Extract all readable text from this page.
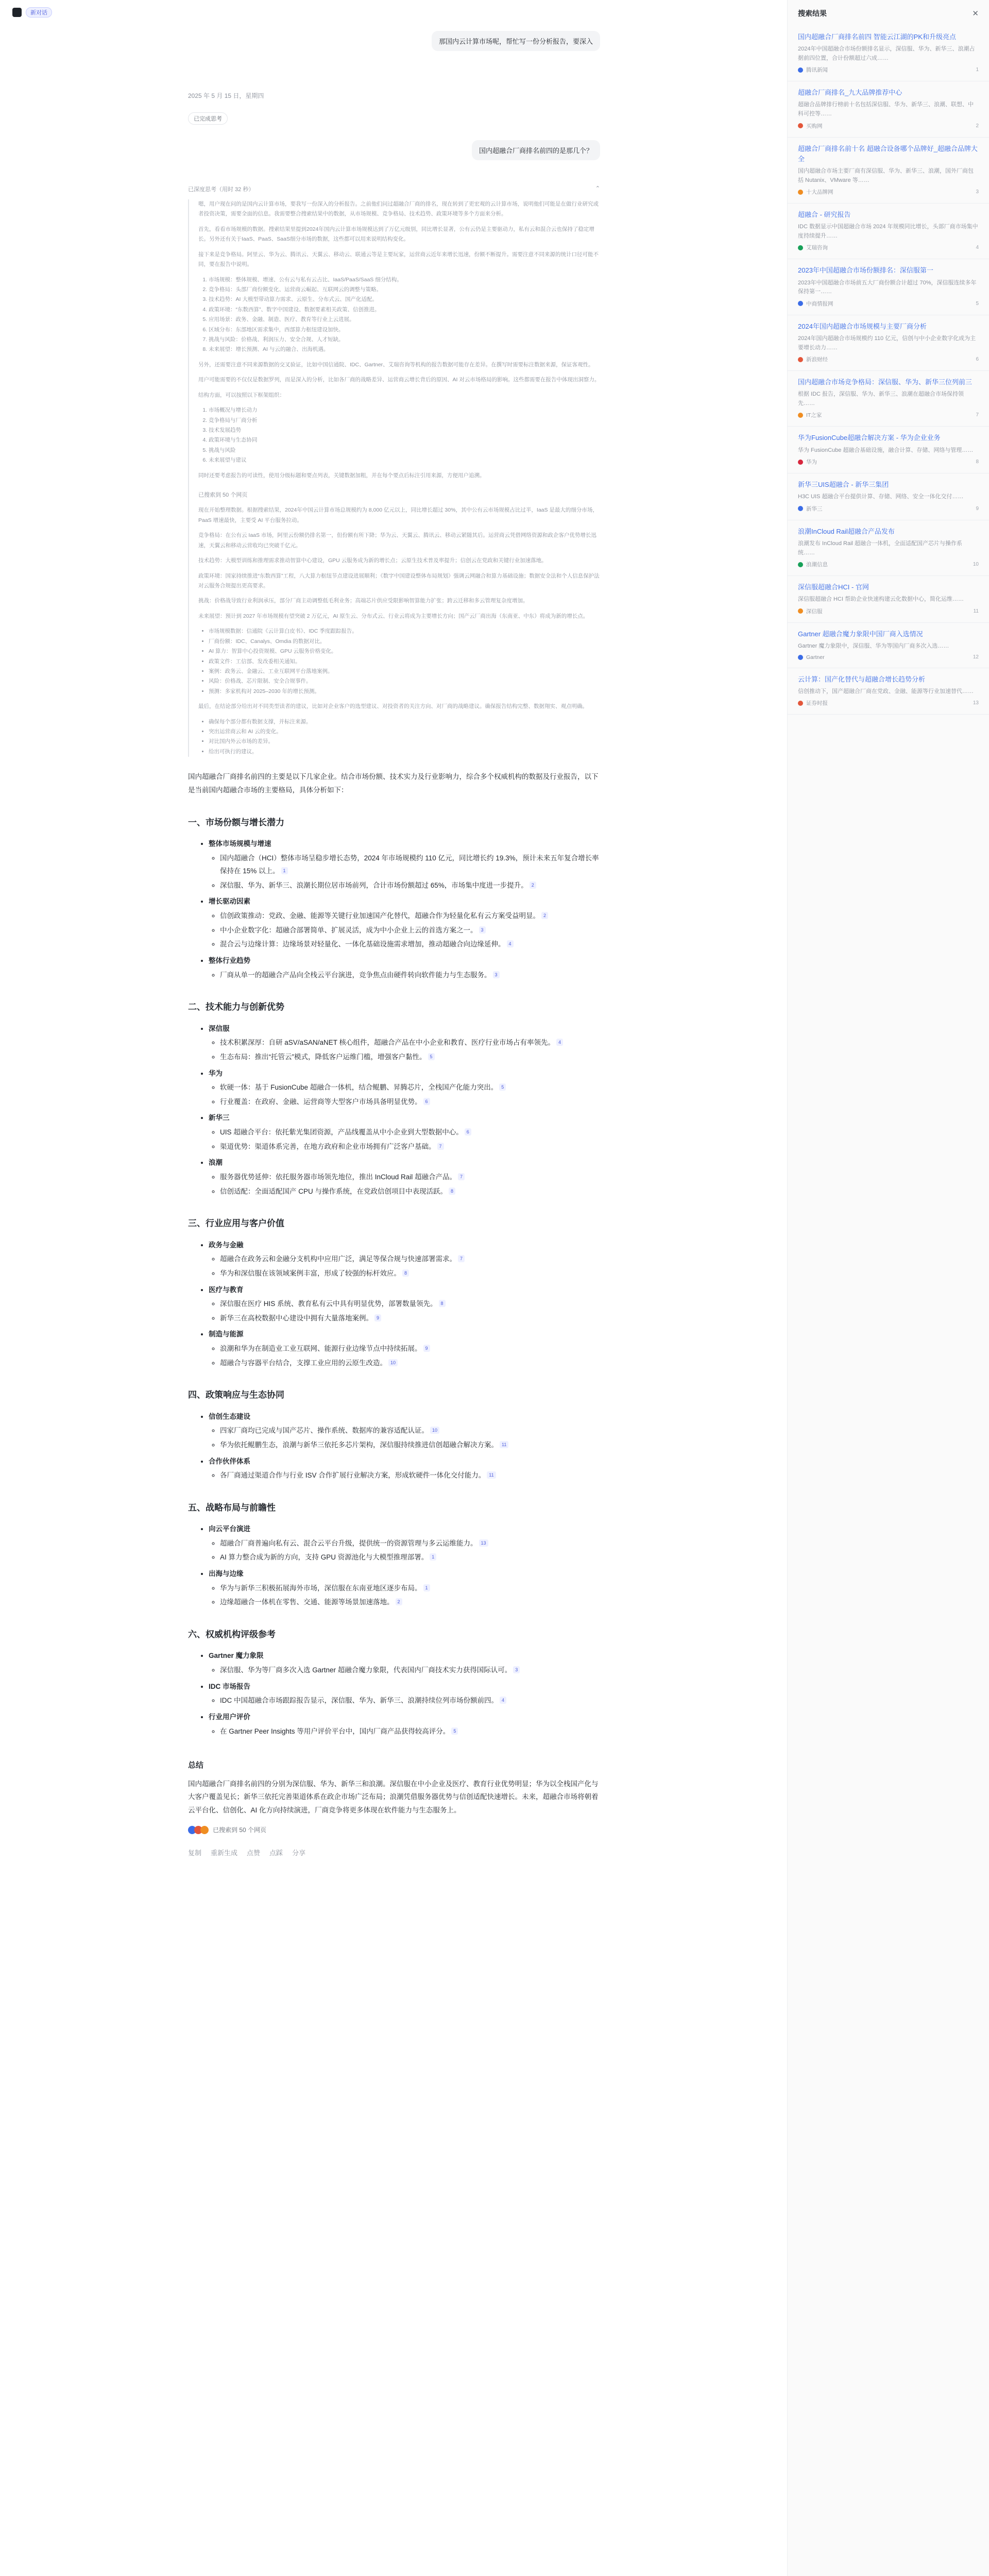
新对话
那国内云计算市场呢，帮忙写一份分析报告，要深入
2025 年 5 月 15 日，星期四
已完成思考
国内超融合厂商排名前四的是那几个？
已深度思考（用时 32 秒）	⌃

嗯，用户现在问的是国内云计算市场，要我写一份深入的分析报告。之前他们问过超融合厂商的排名，现在转到了更宏观的云计算市场，说明他们可能是在做行业研究或者投资决策，需要全面的信息。我需要整合搜索结果中的数据，从市场规模、竞争格局、技术趋势、政策环境等多个方面来分析。

首先，看看市场规模的数据。搜索结果里提到2024年国内云计算市场规模达到了万亿元级别，同比增长显著，公有云仍是主要驱动力，私有云和混合云也保持了稳定增长。另外还有关于IaaS、PaaS、SaaS细分市场的数据，这些都可以用来说明结构变化。

接下来是竞争格局。阿里云、华为云、腾讯云、天翼云、移动云、联通云等是主要玩家，运营商云近年来增长迅速，份额不断提升。需要注意不同来源的统计口径可能不同，要在报告中说明。

1. 市场规模：整体规模、增速、公有云与私有云占比、IaaS/PaaS/SaaS 细分结构。
2. 竞争格局：头部厂商份额变化、运营商云崛起、互联网云的调整与策略。
3. 技术趋势：AI 大模型带动算力需求、云原生、分布式云、国产化适配。
4. 政策环境：“东数西算”、数字中国建设、数据要素相关政策、信创推进。
5. 应用场景：政务、金融、制造、医疗、教育等行业上云进展。
6. 区域分布：东部地区需求集中，西部算力枢纽建设加快。
7. 挑战与风险：价格战、利润压力、安全合规、人才短缺。
8. 未来展望：增长预测、AI 与云的融合、出海机遇。

另外，还需要注意不同来源数据的交叉验证，比如中国信通院、IDC、Gartner、艾瑞咨询等机构的报告数据可能存在差异。在撰写时需要标注数据来源，保证客观性。

用户可能需要的不仅仅是数据罗列，而是深入的分析，比如各厂商的战略差异、运营商云增长背后的原因、AI 对云市场格局的影响。这些都需要在报告中体现出洞察力。

结构方面，可以按照以下框架组织：

1. 市场概况与增长动力
2. 竞争格局与厂商分析
3. 技术发展趋势
4. 政策环境与生态协同
5. 挑战与风险
6. 未来展望与建议

同时还要考虑报告的可读性，使用分级标题和要点列表，关键数据加粗，并在每个要点后标注引用来源，方便用户追溯。

已搜索到 50 个网页

现在开始整理数据。根据搜索结果，2024年中国云计算市场总规模约为 8,000 亿元以上，同比增长超过 30%，其中公有云市场规模占比过半，IaaS 是最大的细分市场，PaaS 增速最快，主要受 AI 平台服务拉动。

竞争格局：在公有云 IaaS 市场，阿里云份额仍排名第一，但份额有所下降；华为云、天翼云、腾讯云、移动云紧随其后。运营商云凭借网络资源和政企客户优势增长迅速，天翼云和移动云营收均已突破千亿元。

技术趋势：大模型训练和推理需求推动智算中心建设，GPU 云服务成为新的增长点；云原生技术普及率提升；信创云在党政和关键行业加速落地。

政策环境：国家持续推进“东数西算”工程，八大算力枢纽节点建设进展顺利；《数字中国建设整体布局规划》强调云网融合和算力基础设施；数据安全法和个人信息保护法对云服务合规提出更高要求。

挑战：价格战导致行业利润承压，部分厂商主动调整低毛利业务；高端芯片供应受限影响智算能力扩张；跨云迁移和多云管理复杂度增加。

未来展望：预计到 2027 年市场规模有望突破 2 万亿元，AI 原生云、分布式云、行业云将成为主要增长方向；国产云厂商出海（东南亚、中东）将成为新的增长点。

• 市场规模数据：信通院《云计算白皮书》、IDC 季度跟踪报告。
• 厂商份额：IDC、Canalys、Omdia 的数据对比。
• AI 算力：智算中心投资规模、GPU 云服务价格变化。
• 政策文件：工信部、发改委相关通知。
• 案例：政务云、金融云、工业互联网平台落地案例。
• 风险：价格战、芯片限制、安全合规事件。
• 预测：多家机构对 2025–2030 年的增长预测。

最后，在结论部分给出对不同类型读者的建议，比如对企业客户的选型建议、对投资者的关注方向、对厂商的战略建议。确保报告结构完整、数据翔实、观点明确。

• 确保每个部分都有数据支撑，并标注来源。
• 突出运营商云和 AI 云的变化。
• 对比国内外云市场的差异。
• 给出可执行的建议。

国内超融合厂商排名前四的主要是以下几家企业。结合市场份额、技术实力及行业影响力，综合多个权威机构的数据及行业报告，以下是当前国内超融合市场的主要格局，具体分析如下：

一、市场份额与增长潜力
• 整体市场规模与增速
◦ 国内超融合（HCI）整体市场呈稳步增长态势，2024 年市场规模约 110 亿元，同比增长约 19.3%，预计未来五年复合增长率保持在 15% 以上。 1
◦ 深信服、华为、新华三、浪潮长期位居市场前列，合计市场份额超过 65%，市场集中度进一步提升。 2
• 增长驱动因素
◦ 信创政策推动：党政、金融、能源等关键行业加速国产化替代，超融合作为轻量化私有云方案受益明显。 2
◦ 中小企业数字化：超融合部署简单、扩展灵活，成为中小企业上云的首选方案之一。 3
◦ 混合云与边缘计算：边缘场景对轻量化、一体化基础设施需求增加，推动超融合向边缘延伸。 4
• 整体行业趋势
◦ 厂商从单一的超融合产品向全栈云平台演进，竞争焦点由硬件转向软件能力与生态服务。 3
二、技术能力与创新优势
• 深信服
◦ 技术积累深厚：自研 aSV/aSAN/aNET 核心组件，超融合产品在中小企业和教育、医疗行业市场占有率领先。 4
◦ 生态布局：推出“托管云”模式，降低客户运维门槛，增强客户黏性。 5
• 华为
◦ 软硬一体：基于 FusionCube 超融合一体机，结合鲲鹏、昇腾芯片，全栈国产化能力突出。 5
◦ 行业覆盖：在政府、金融、运营商等大型客户市场具备明显优势。 6
• 新华三
◦ UIS 超融合平台：依托紫光集团资源，产品线覆盖从中小企业到大型数据中心。 6
◦ 渠道优势：渠道体系完善，在地方政府和企业市场拥有广泛客户基础。 7
• 浪潮
◦ 服务器优势延伸：依托服务器市场领先地位，推出 InCloud Rail 超融合产品。 7
◦ 信创适配：全面适配国产 CPU 与操作系统，在党政信创项目中表现活跃。 8
三、行业应用与客户价值
• 政务与金融
◦ 超融合在政务云和金融分支机构中应用广泛，满足等保合规与快速部署需求。 7
◦ 华为和深信服在该领域案例丰富，形成了较强的标杆效应。 8
• 医疗与教育
◦ 深信服在医疗 HIS 系统、教育私有云中具有明显优势，部署数量领先。 8
◦ 新华三在高校数据中心建设中拥有大量落地案例。 9
• 制造与能源
◦ 浪潮和华为在制造业工业互联网、能源行业边缘节点中持续拓展。 9
◦ 超融合与容器平台结合，支撑工业应用的云原生改造。 10
四、政策响应与生态协同
• 信创生态建设
◦ 四家厂商均已完成与国产芯片、操作系统、数据库的兼容适配认证。 10
◦ 华为依托鲲鹏生态，浪潮与新华三依托多芯片架构，深信服持续推进信创超融合解决方案。 11
• 合作伙伴体系
◦ 各厂商通过渠道合作与行业 ISV 合作扩展行业解决方案，形成软硬件一体化交付能力。 11
五、战略布局与前瞻性
• 向云平台演进
◦ 超融合厂商普遍向私有云、混合云平台升级，提供统一的资源管理与多云运维能力。 13
◦ AI 算力整合成为新的方向，支持 GPU 资源池化与大模型推理部署。 1
• 出海与边缘
◦ 华为与新华三积极拓展海外市场，深信服在东南亚地区逐步布局。 1
◦ 边缘超融合一体机在零售、交通、能源等场景加速落地。 2
六、权威机构评级参考
• Gartner 魔力象限
◦ 深信服、华为等厂商多次入选 Gartner 超融合魔力象限，代表国内厂商技术实力获得国际认可。 3
• IDC 市场报告
◦ IDC 中国超融合市场跟踪报告显示，深信服、华为、新华三、浪潮持续位列市场份额前四。 4
• 行业用户评价
◦ 在 Gartner Peer Insights 等用户评价平台中，国内厂商产品获得较高评分。 5
总结

国内超融合厂商排名前四的分别为深信服、华为、新华三和浪潮。深信服在中小企业及医疗、教育行业优势明显；华为以全栈国产化与大客户覆盖见长；新华三依托完善渠道体系在政企市场广泛布局；浪潮凭借服务器优势与信创适配快速增长。未来，超融合市场将朝着云平台化、信创化、AI 化方向持续演进，厂商竞争将更多体现在软件能力与生态服务上。

已搜索到 50 个网页
复制 重新生成 点赞 点踩 分享
搜索结果	✕
国内超融合厂商排名前四 智能云江湖的PK和升级亮点
2024年中国超融合市场份额排名显示，深信服、华为、新华三、浪潮占据前四位置，合计份额超过六成……
腾讯新闻	1
超融合厂商排名_九大品牌推荐中心
超融合品牌排行榜前十名包括深信服、华为、新华三、浪潮、联想、中科可控等……
买购网	2
超融合厂商排名前十名 超融合设备哪个品牌好_超融合品牌大全
国内超融合市场主要厂商有深信服、华为、新华三、浪潮，国外厂商包括 Nutanix、VMware 等……
十大品牌网	3
超融合 - 研究报告
IDC 数据显示中国超融合市场 2024 年规模同比增长，头部厂商市场集中度持续提升……
艾瑞咨询	4
2023年中国超融合市场份额排名：深信服第一
2023年中国超融合市场前五大厂商份额合计超过 70%，深信服连续多年保持第一……
中商情报网	5
2024年国内超融合市场规模与主要厂商分析
2024年国内超融合市场规模约 110 亿元，信创与中小企业数字化成为主要增长动力……
新浪财经	6
国内超融合市场竞争格局：深信服、华为、新华三位列前三
根据 IDC 报告，深信服、华为、新华三、浪潮在超融合市场保持领先……
IT之家	7
华为FusionCube超融合解决方案 - 华为企业业务
华为 FusionCube 超融合基础设施，融合计算、存储、网络与管理……
华为	8
新华三UIS超融合 - 新华三集团
H3C UIS 超融合平台提供计算、存储、网络、安全一体化交付……
新华三	9
浪潮InCloud Rail超融合产品发布
浪潮发布 InCloud Rail 超融合一体机，全面适配国产芯片与操作系统……
浪潮信息	10
深信服超融合HCI - 官网
深信服超融合 HCI 帮助企业快速构建云化数据中心，简化运维……
深信服	11
Gartner 超融合魔力象限中国厂商入选情况
Gartner 魔力象限中，深信服、华为等国内厂商多次入选……
Gartner	12
云计算：国产化替代与超融合增长趋势分析
信创推动下，国产超融合厂商在党政、金融、能源等行业加速替代……
证券时报	13
